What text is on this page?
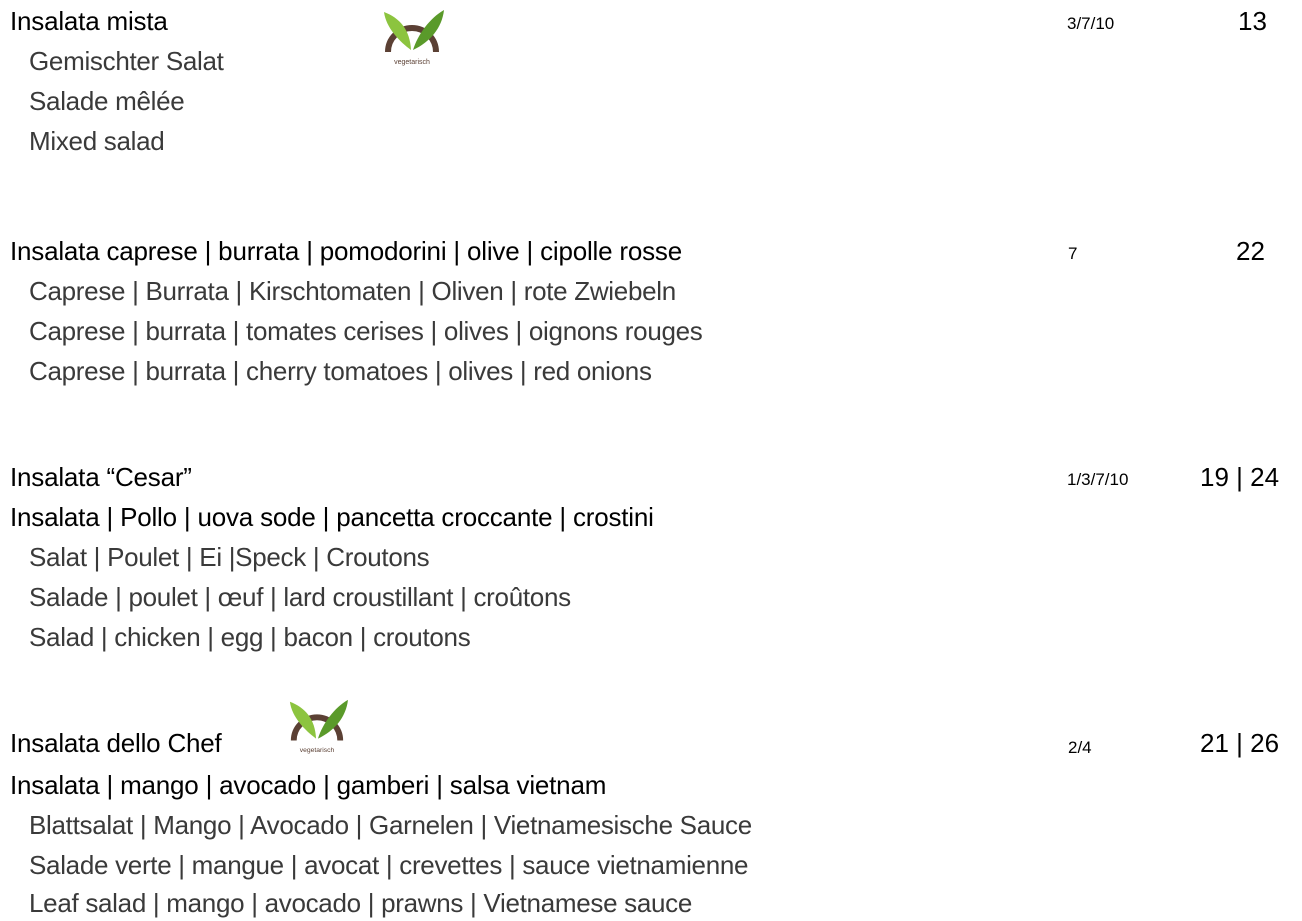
Insalata mista
vegetarisch
Gemischter Salat
Salade mêlée
Mixed salad
3/7/10	13
Insalata caprese | burrata | pomodorini | olive | cipolle rosse
Caprese | Burrata | Kirschtomaten | Oliven | rote Zwiebeln
Caprese | burrata | tomates cerises | olives | oignons rouges
Caprese | burrata | cherry tomatoes | olives | red onions
7	22
Insalata “Cesar”
Insalata | Pollo | uova sode | pancetta croccante | crostini
Salat | Poulet | Ei |Speck | Croutons
Salade | poulet | œuf | lard croustillant | croûtons
Salad | chicken | egg | bacon | croutons
1/3/7/10	19 | 24
vegetarisch
Insalata dello Chef
Insalata | mango | avocado | gamberi | salsa vietnam
Blattsalat | Mango | Avocado | Garnelen | Vietnamesische Sauce
Salade verte | mangue | avocat | crevettes | sauce vietnamienne
Leaf salad | mango | avocado | prawns | Vietnamese sauce
2/4	21 | 26
